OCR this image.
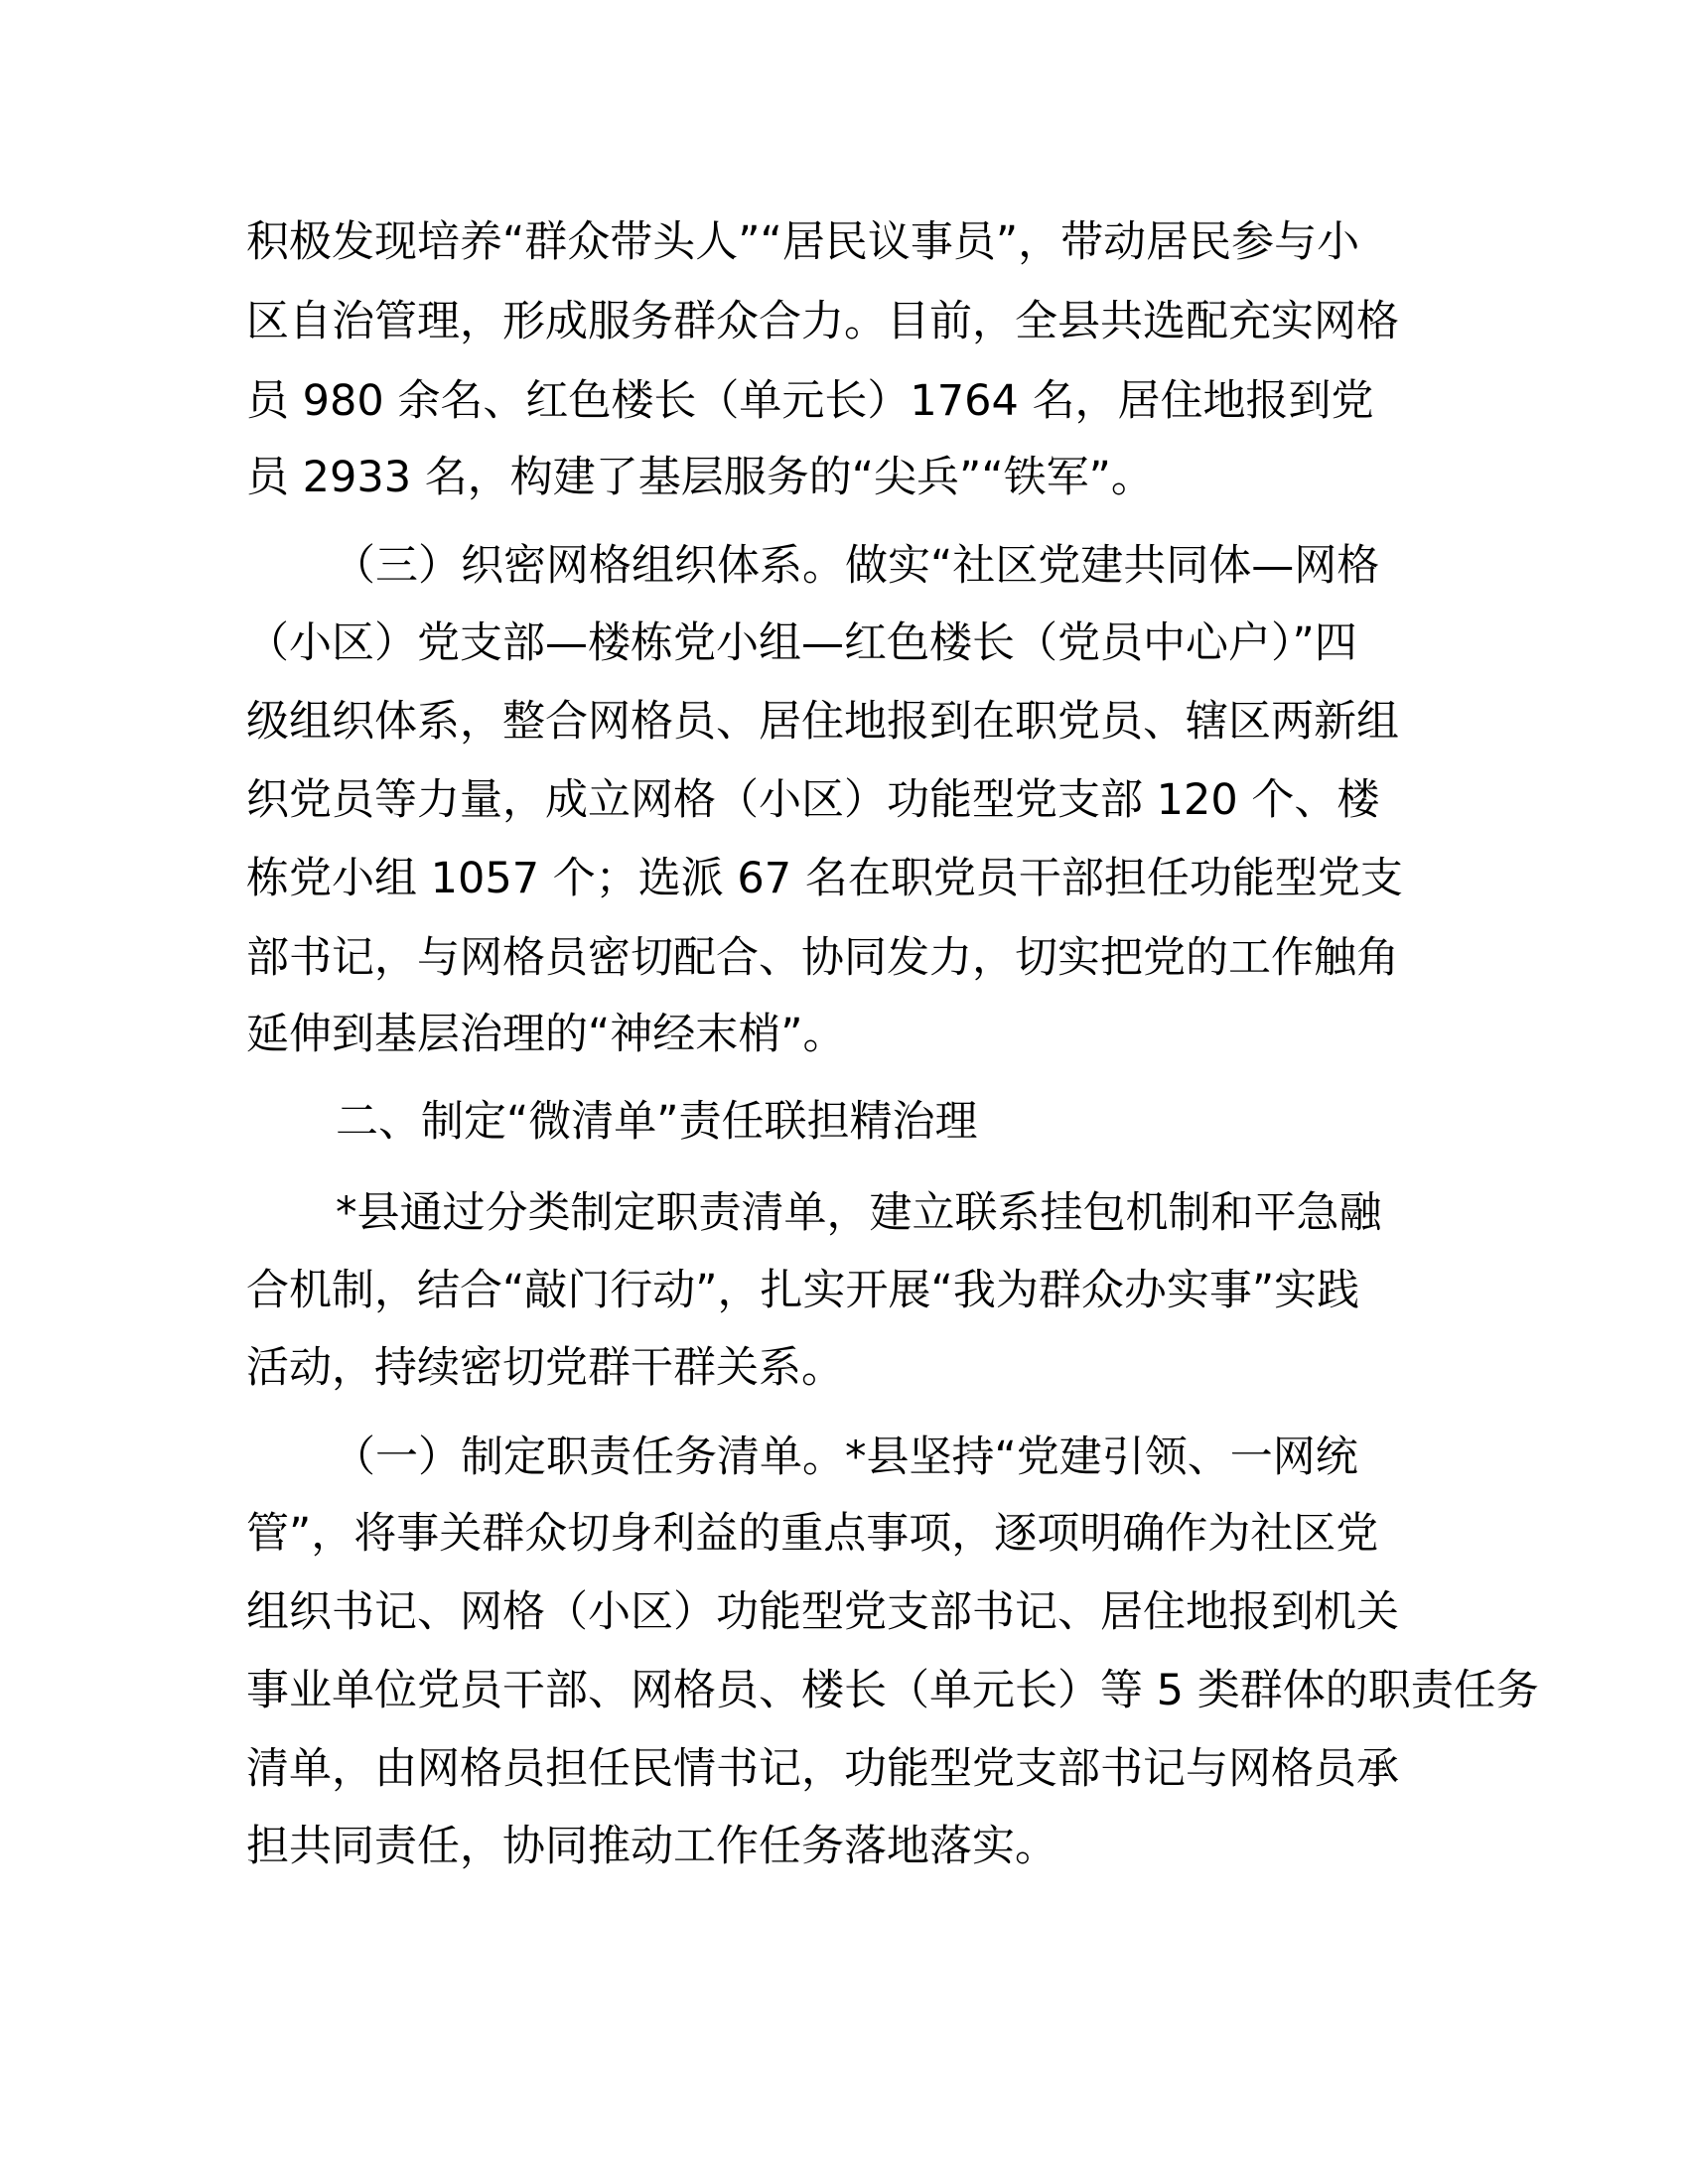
积极发现培养“群众带头人”“居民议事员”，带动居民参与小
区自治管理，形成服务群众合力。目前，全县共选配充实网格
员 980 余名、红色楼长（单元长）1764 名，居住地报到党
员 2933 名，构建了基层服务的“尖兵”“铁军”。
（三）织密网格组织体系。做实“社区党建共同体—网格
（小区）党支部—楼栋党小组—红色楼长（党员中心户）”四
级组织体系，整合网格员、居住地报到在职党员、辖区两新组
织党员等力量，成立网格（小区）功能型党支部 120 个、楼
栋党小组 1057 个；选派 67 名在职党员干部担任功能型党支
部书记，与网格员密切配合、协同发力，切实把党的工作触角
延伸到基层治理的“神经末梢”。
二、制定“微清单”责任联担精治理
*县通过分类制定职责清单，建立联系挂包机制和平急融
合机制，结合“敲门行动”，扎实开展“我为群众办实事”实践
活动，持续密切党群干群关系。
（一）制定职责任务清单。*县坚持“党建引领、一网统
管”，将事关群众切身利益的重点事项，逐项明确作为社区党
组织书记、网格（小区）功能型党支部书记、居住地报到机关
事业单位党员干部、网格员、楼长（单元长）等 5 类群体的职责任务
清单，由网格员担任民情书记，功能型党支部书记与网格员承
担共同责任，协同推动工作任务落地落实。
